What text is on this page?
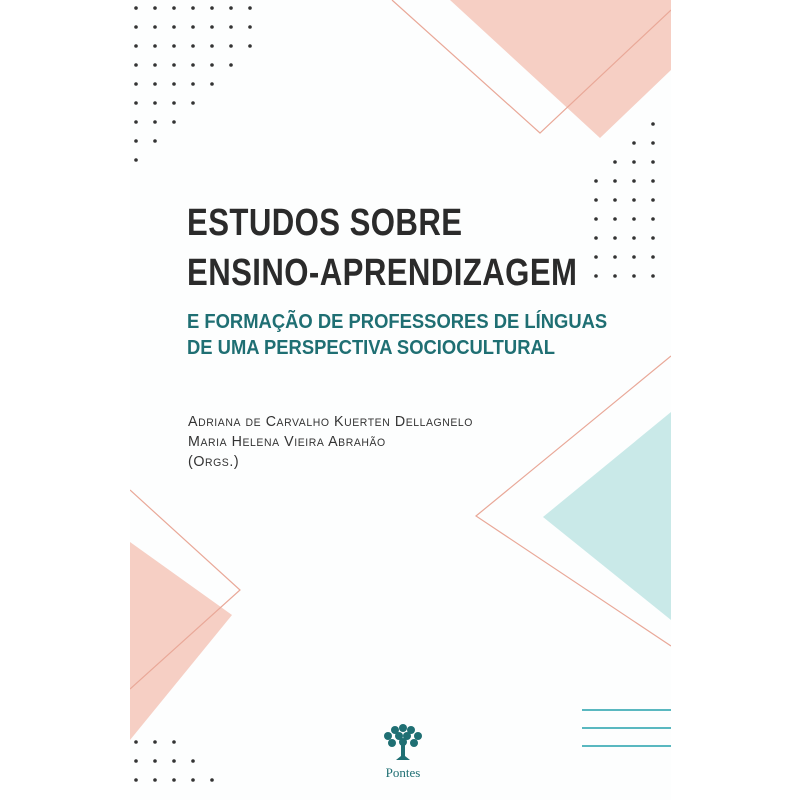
ESTUDOS SOBRE
ENSINO-APRENDIZAGEM
E FORMAÇÃO DE PROFESSORES DE LÍNGUAS
DE UMA PERSPECTIVA SOCIOCULTURAL

Adriana de Carvalho Kuerten Dellagnelo

Maria Helena Vieira Abrahão

(Orgs.)

Pontes
